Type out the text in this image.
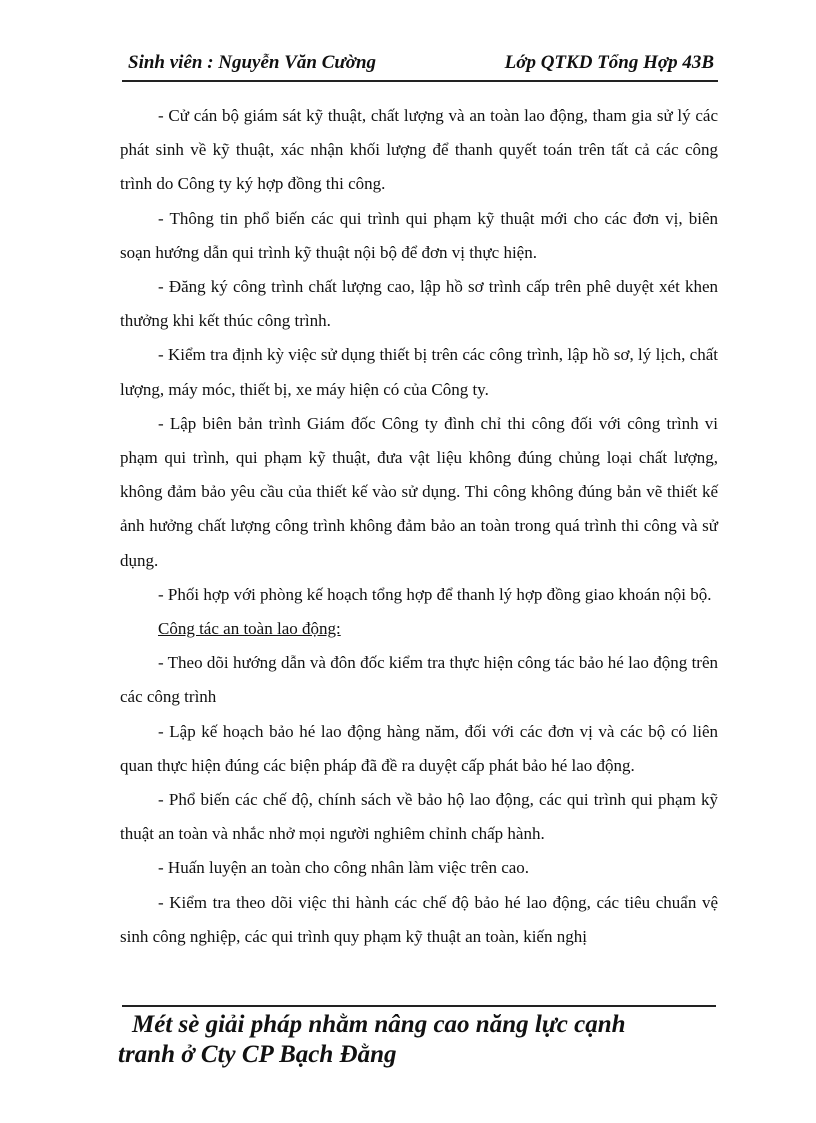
Sinh viên : Nguyễn Văn Cường	Lớp QTKD Tổng Hợp 43B

- Cử cán bộ giám sát kỹ thuật, chất lượng và an toàn lao động, tham gia sử lý các phát sinh về kỹ thuật, xác nhận khối lượng để thanh quyết toán trên tất cả các công trình do Công ty ký hợp đồng thi công.

- Thông tin phổ biến các qui trình qui phạm kỹ thuật mới cho các đơn vị, biên soạn hướng dẫn qui trình kỹ thuật nội bộ để đơn vị thực hiện.

- Đăng ký công trình chất lượng cao, lập hồ sơ trình cấp trên phê duyệt xét khen thưởng khi kết thúc công trình.

- Kiểm tra định kỳ việc sử dụng thiết bị trên các công trình, lập hồ sơ, lý lịch, chất lượng, máy móc, thiết bị, xe máy hiện có của Công ty.

- Lập biên bản trình Giám đốc Công ty đình chỉ thi công đối với công trình vi phạm qui trình, qui phạm kỹ thuật, đưa vật liệu không đúng chủng loại chất lượng, không đảm bảo yêu cầu của thiết kế vào sử dụng. Thi công không đúng bản vẽ thiết kế ảnh hưởng chất lượng công trình không đảm bảo an toàn trong quá trình thi công và sử dụng.

- Phối hợp với phòng kế hoạch tổng hợp để thanh lý hợp đồng giao khoán nội bộ.

Công tác an toàn lao động:

- Theo dõi hướng dẫn và đôn đốc kiểm tra thực hiện công tác bảo hé lao động trên các công trình

- Lập kế hoạch bảo hé lao động hàng năm, đối với các đơn vị và các bộ có liên quan thực hiện đúng các biện pháp đã đề ra duyệt cấp phát bảo hé lao động.

- Phổ biến các chế độ, chính sách về bảo hộ lao động, các qui trình qui phạm kỹ thuật an toàn và nhắc nhở mọi người nghiêm chỉnh chấp hành.

- Huấn luyện an toàn cho công nhân làm việc trên cao.

- Kiểm tra theo dõi việc thi hành các chế độ bảo hé lao động, các tiêu chuẩn vệ sinh công nghiệp, các qui trình quy phạm kỹ thuật an toàn, kiến nghị

Mét sè giải pháp nhằm nâng cao năng lực cạnh
tranh ở Cty CP Bạch Đằng
